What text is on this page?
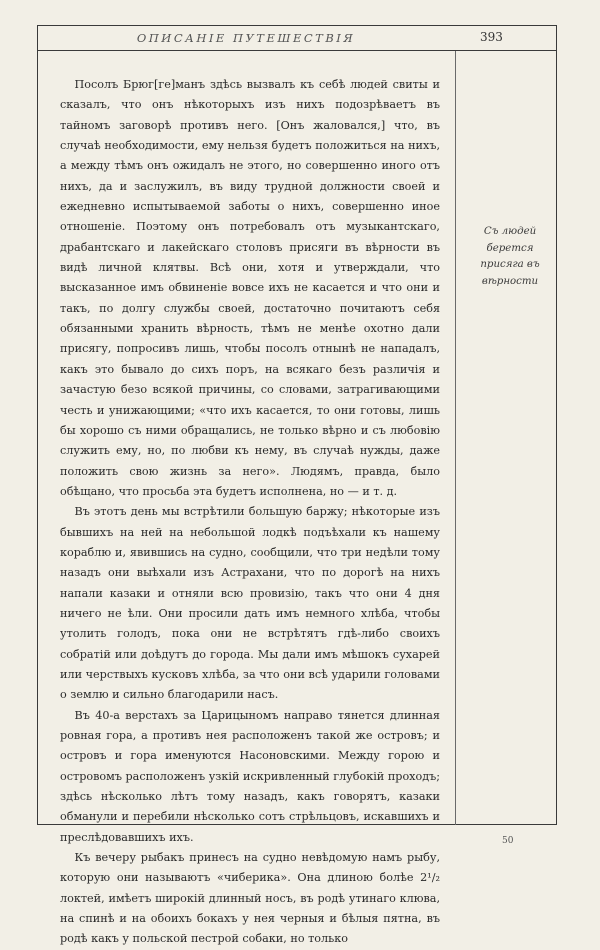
ОПИСАНІЕ ПУТЕШЕСТВІЯ	393

Посолъ Брюг[ге]манъ здѣсь вызвалъ къ себѣ людей свиты и сказалъ, что онъ нѣкоторыхъ изъ нихъ подозрѣваетъ въ тайномъ заговорѣ противъ него. [Онъ жаловался,] что, въ случаѣ необходимости, ему нельзя будетъ положиться на нихъ, а между тѣмъ онъ ожидалъ не этого, но совершенно иного отъ нихъ, да и заслужилъ, въ виду трудной должности своей и ежедневно испытываемой заботы о нихъ, совершенно иное отношеніе. Поэтому онъ потребовалъ отъ музыкантскаго, драбантскаго и лакейскаго столовъ присяги въ вѣрности въ видѣ личной клятвы. Всѣ они, хотя и утверждали, что высказанное имъ обвиненіе вовсе ихъ не касается и что они и такъ, по долгу службы своей, достаточно почитаютъ себя обязанными хранить вѣрность, тѣмъ не менѣе охотно дали присягу, попросивъ лишь, чтобы посолъ отнынѣ не нападалъ, какъ это бывало до сихъ поръ, на всякаго безъ различія и зачастую безо всякой причины, со словами, затрагивающими честь и унижающими; «что ихъ касается, то они готовы, лишь бы хорошо съ ними обращались, не только вѣрно и съ любовію служить ему, но, по любви къ нему, въ случаѣ нужды, даже положить свою жизнь за него». Людямъ, правда, было обѣщано, что просьба эта будетъ исполнена, но — и т. д.

Въ этотъ день мы встрѣтили большую баржу; нѣкоторые изъ бывшихъ на ней на небольшой лодкѣ подъѣхали къ нашему кораблю и, явившись на судно, сообщили, что три недѣли тому назадъ они выѣхали изъ Астрахани, что по дорогѣ на нихъ напали казаки и отняли всю провизію, такъ что они 4 дня ничего не ѣли. Они просили дать имъ немного хлѣба, чтобы утолить голодъ, пока они не встрѣтятъ гдѣ-либо своихъ собратій или доѣдутъ до города. Мы дали имъ мѣшокъ сухарей или черствыхъ кусковъ хлѣба, за что они всѣ ударили головами о землю и сильно благодарили насъ.

Въ 40-а верстахъ за Царицыномъ направо тянется длинная ровная гора, а противъ нея расположенъ такой же островъ; и островъ и гора именуются Насоновскими. Между горою и островомъ расположенъ узкій искривленный глубокій проходъ; здѣсь нѣсколько лѣтъ тому назадъ, какъ говорятъ, казаки обманули и перебили нѣсколько сотъ стрѣльцовъ, искавшихъ и преслѣдовавшихъ ихъ.

Къ вечеру рыбакъ принесъ на судно невѣдомую намъ рыбу, которую они называютъ «чиберика». Она длиною болѣе 2¹/₂ локтей, имѣетъ широкій длинный носъ, въ родѣ утинаго клюва, на спинѣ и на обоихъ бокахъ у нея черныя и бѣлыя пятна, въ родѣ какъ у польской пестрой собаки, но только

Съ людей берется присяга въ вѣрности
50
